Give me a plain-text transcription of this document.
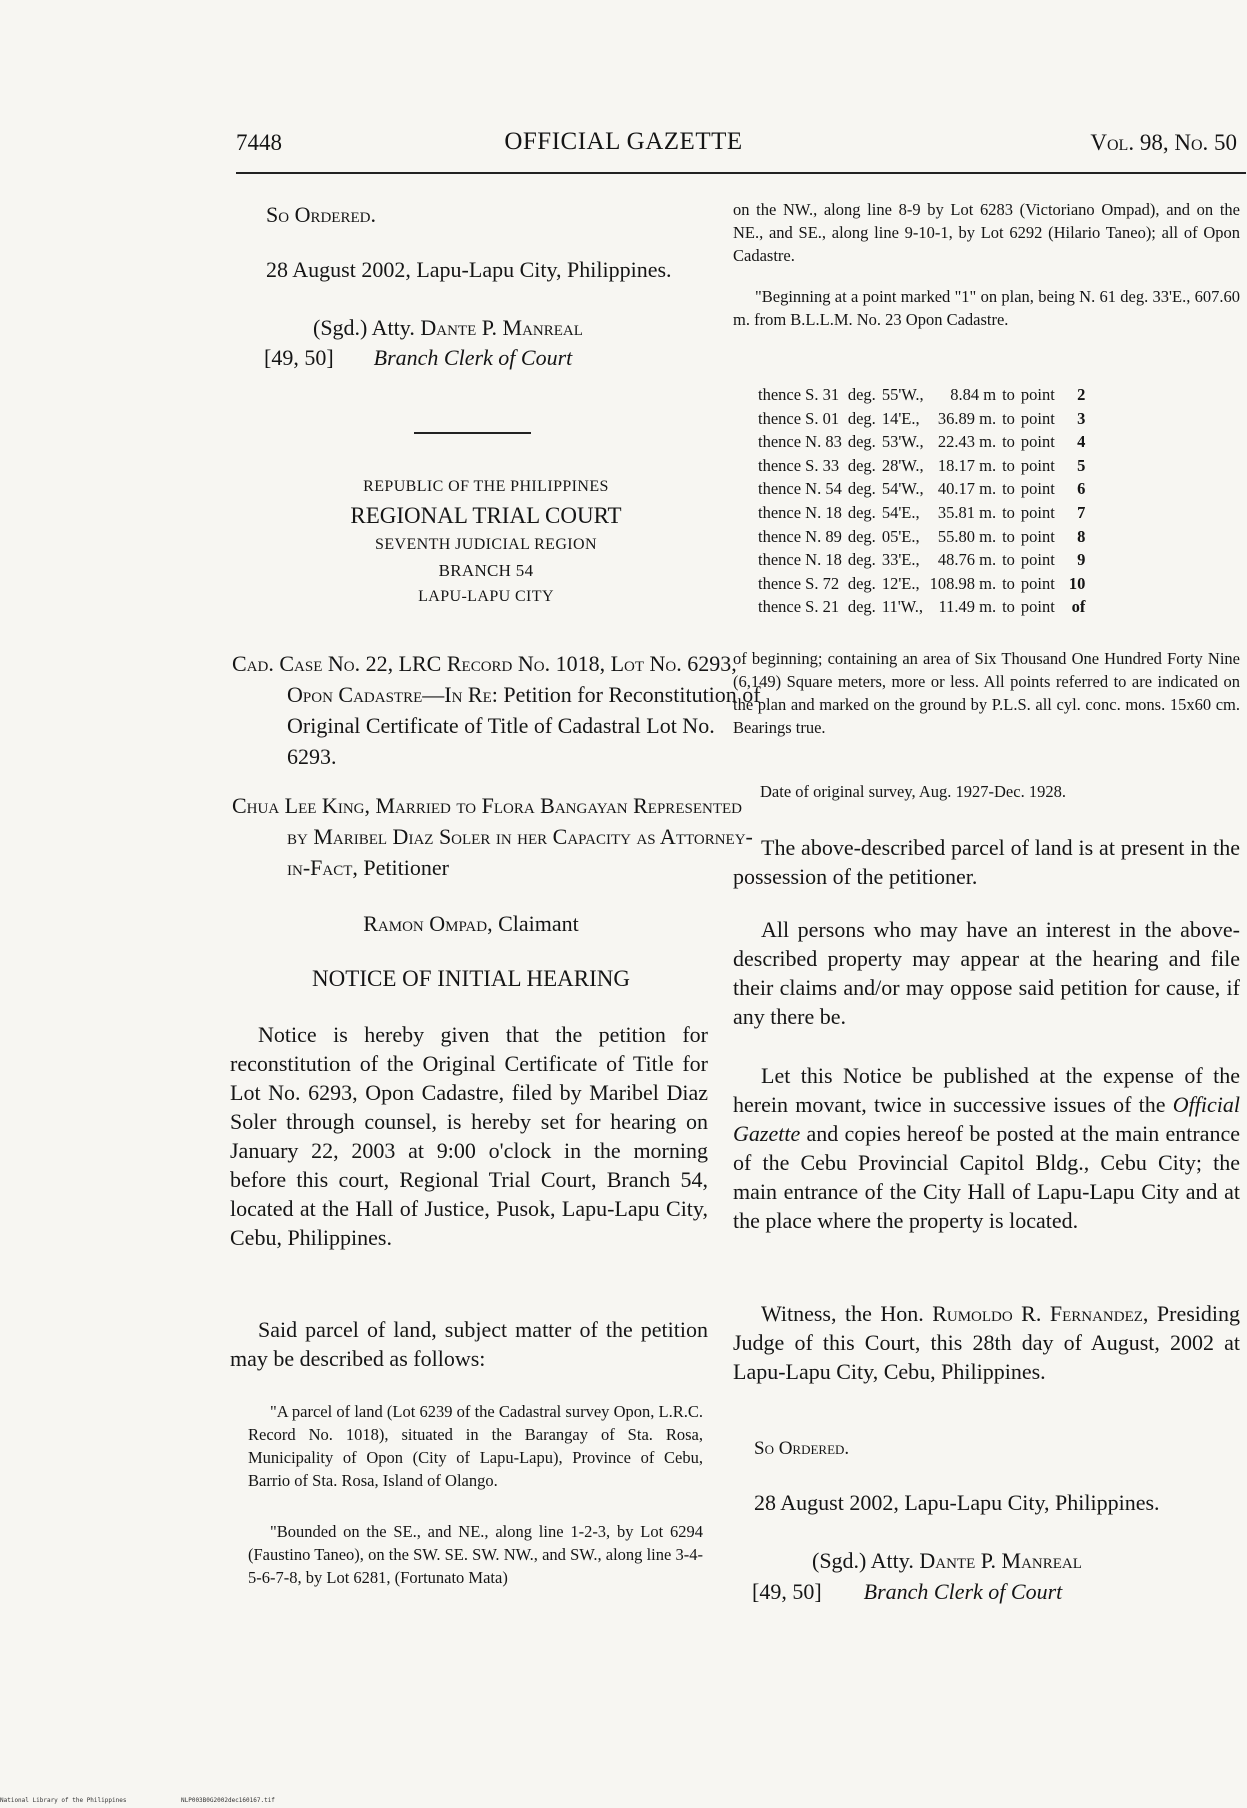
7448	OFFICIAL GAZETTE	Vol. 98, No. 50
So Ordered.
28 August 2002, Lapu-Lapu City, Philippines.
(Sgd.) Atty. Dante P. Manreal
[49, 50] Branch Clerk of Court
REPUBLIC OF THE PHILIPPINES
REGIONAL TRIAL COURT
SEVENTH JUDICIAL REGION
BRANCH 54
LAPU-LAPU CITY
Cad. Case No. 22, LRC Record No. 1018, Lot No. 6293, Opon Cadastre—In Re: Petition for Reconstitution of Original Certificate of Title of Cadastral Lot No. 6293.
Chua Lee King, Married to Flora Bangayan Represented by Maribel Diaz Soler in her Capacity as Attorney-in-Fact, Petitioner
Ramon Ompad, Claimant
NOTICE OF INITIAL HEARING
Notice is hereby given that the petition for reconstitution of the Original Certificate of Title for Lot No. 6293, Opon Cadastre, filed by Maribel Diaz Soler through counsel, is hereby set for hearing on January 22, 2003 at 9:00 o'clock in the morning before this court, Regional Trial Court, Branch 54, located at the Hall of Justice, Pusok, Lapu-Lapu City, Cebu, Philippines.
Said parcel of land, subject matter of the petition may be described as follows:
"A parcel of land (Lot 6239 of the Cadastral survey Opon, L.R.C. Record No. 1018), situated in the Barangay of Sta. Rosa, Municipality of Opon (City of Lapu-Lapu), Province of Cebu, Barrio of Sta. Rosa, Island of Olango.
"Bounded on the SE., and NE., along line 1-2-3, by Lot 6294 (Faustino Taneo), on the SW. SE. SW. NW., and SW., along line 3-4-5-6-7-8, by Lot 6281, (Fortunato Mata)
on the NW., along line 8-9 by Lot 6283 (Victoriano Ompad), and on the NE., and SE., along line 9-10-1, by Lot 6292 (Hilario Taneo); all of Opon Cadastre.
"Beginning at a point marked "1" on plan, being N. 61 deg. 33'E., 607.60 m. from B.L.L.M. No. 23 Opon Cadastre.
thence S. 31	deg.	55'W.,	8.84 m	to	point	2
thence S. 01	deg.	14'E.,	36.89 m.	to	point	3
thence N. 83	deg.	53'W.,	22.43 m.	to	point	4
thence S. 33	deg.	28'W.,	18.17 m.	to	point	5
thence N. 54	deg.	54'W.,	40.17 m.	to	point	6
thence N. 18	deg.	54'E.,	35.81 m.	to	point	7
thence N. 89	deg.	05'E.,	55.80 m.	to	point	8
thence N. 18	deg.	33'E.,	48.76 m.	to	point	9
thence S. 72	deg.	12'E.,	108.98 m.	to	point	10
thence S. 21	deg.	11'W.,	11.49 m.	to	point	of
of beginning; containing an area of Six Thousand One Hundred Forty Nine (6,149) Square meters, more or less. All points referred to are indicated on the plan and marked on the ground by P.L.S. all cyl. conc. mons. 15x60 cm. Bearings true.
Date of original survey, Aug. 1927-Dec. 1928.
The above-described parcel of land is at present in the possession of the petitioner.
All persons who may have an interest in the above-described property may appear at the hearing and file their claims and/or may oppose said petition for cause, if any there be.
Let this Notice be published at the expense of the herein movant, twice in successive issues of the Official Gazette and copies hereof be posted at the main entrance of the Cebu Provincial Capitol Bldg., Cebu City; the main entrance of the City Hall of Lapu-Lapu City and at the place where the property is located.
Witness, the Hon. Rumoldo R. Fernandez, Presiding Judge of this Court, this 28th day of August, 2002 at Lapu-Lapu City, Cebu, Philippines.
So Ordered.
28 August 2002, Lapu-Lapu City, Philippines.
(Sgd.) Atty. Dante P. Manreal
[49, 50] Branch Clerk of Court
National Library of the Philippines	NLP003B0G2002dec160167.tif
